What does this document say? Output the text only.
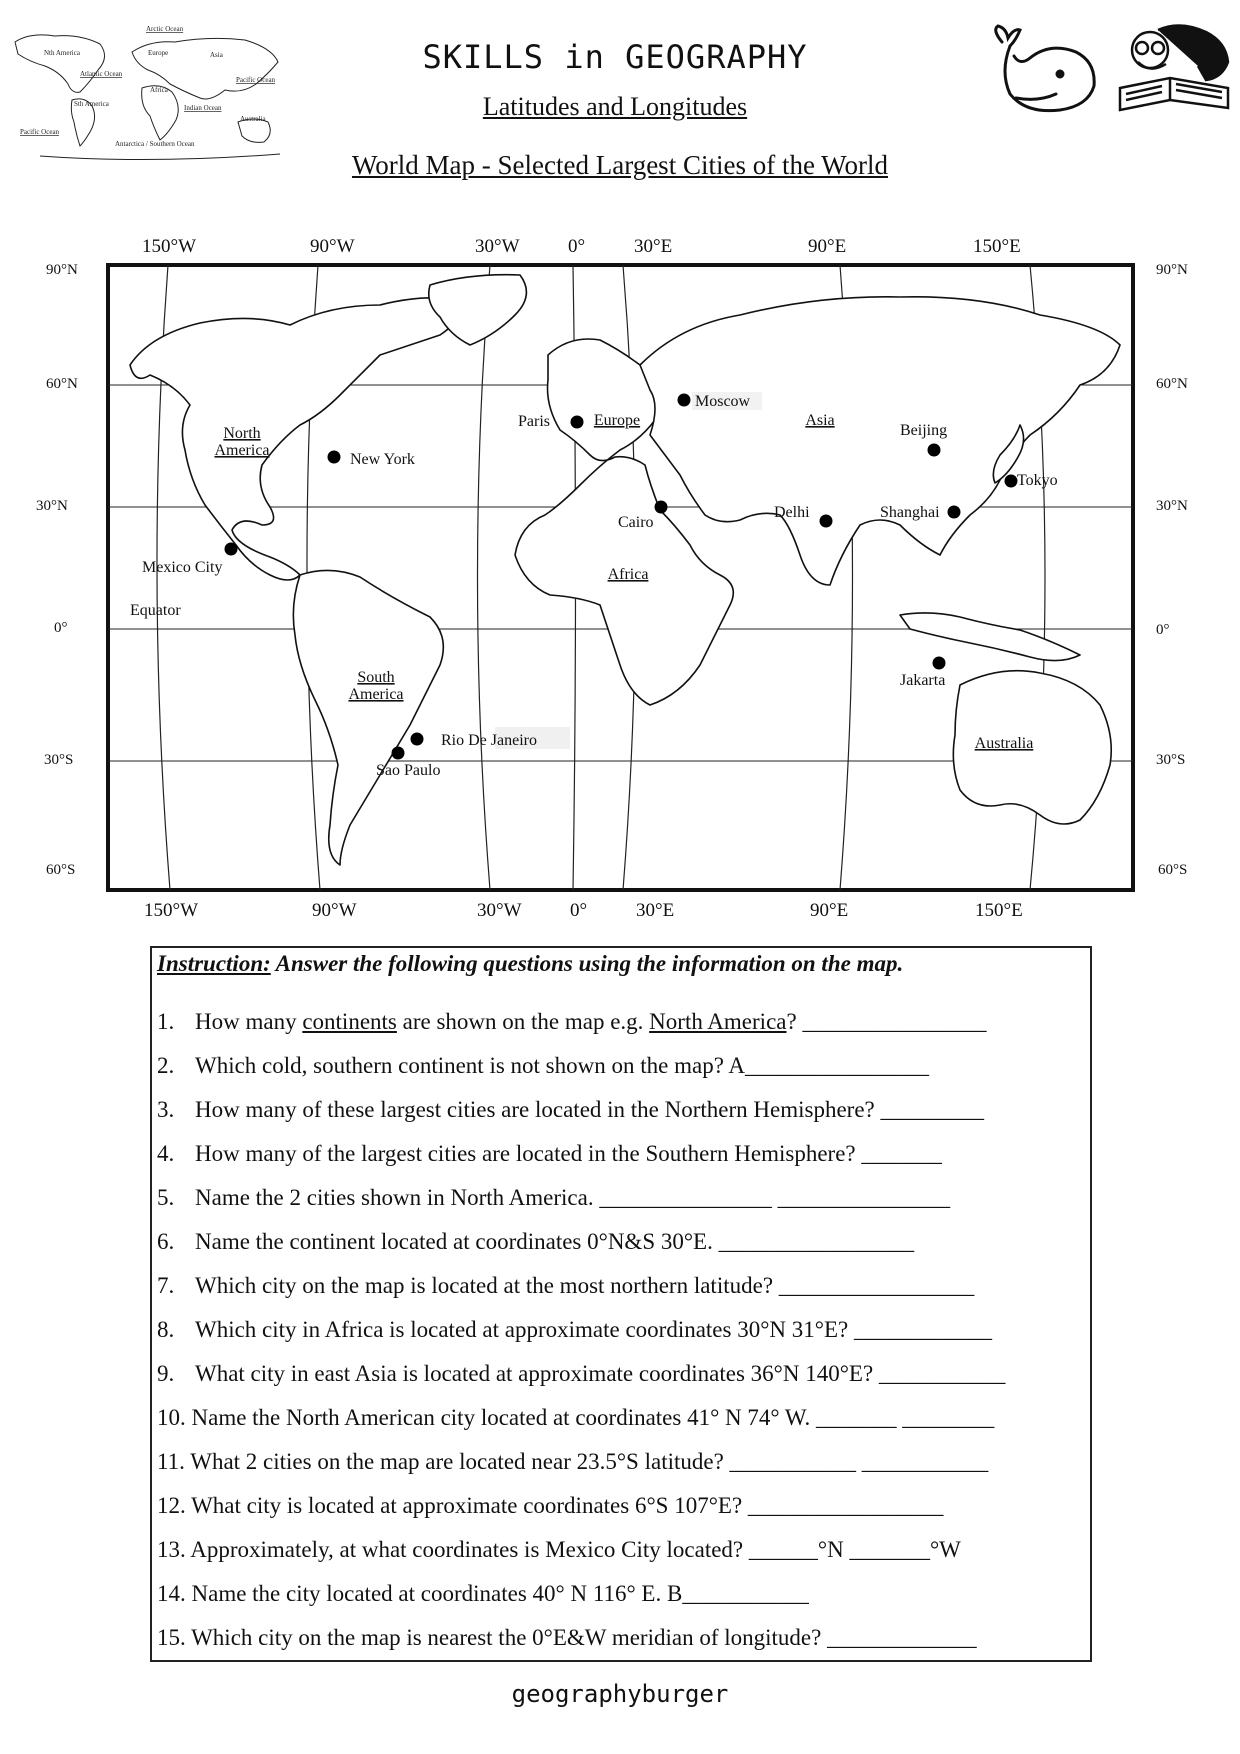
Arctic Ocean
Nth America	Europe	Asia
Atlantic Ocean
Africa
Pacific Ocean
Sth America	Indian Ocean
Australia
Pacific Ocean
Antarctica / Southern Ocean
SKILLS in GEOGRAPHY
Latitudes and Longitudes
World Map - Selected Largest Cities of the World
North
America
South
America
Europe	Asia
Africa
Australia
Moscow
Paris
Beijing
New York
Tokyo
Delhi	Shanghai
Cairo
Mexico City
Jakarta
Rio De Janeiro
Sao Paulo
Equator
150°W	90°W	30°W	0°	30°E	90°E	150°E
150°W	90°W	30°W	0°	30°E	90°E	150°E
90°N
60°N
30°N
0°
30°S
60°S
90°N
60°N
30°N
0°
30°S
60°S
Instruction: Answer the following questions using the information on the map.
1. How many continents are shown on the map e.g. North America? ________________
2. Which cold, southern continent is not shown on the map? A________________
3. How many of these largest cities are located in the Northern Hemisphere? _________
4. How many of the largest cities are located in the Southern Hemisphere? _______
5. Name the 2 cities shown in North America. _______________ _______________
6. Name the continent located at coordinates 0°N&S 30°E. _________________
7. Which city on the map is located at the most northern latitude? _________________
8. Which city in Africa is located at approximate coordinates 30°N 31°E? ____________
9. What city in east Asia is located at approximate coordinates 36°N 140°E? ___________
10. Name the North American city located at coordinates 41° N 74° W. _______ ________
11. What 2 cities on the map are located near 23.5°S latitude? ___________ ___________
12. What city is located at approximate coordinates 6°S 107°E? _________________
13. Approximately, at what coordinates is Mexico City located? ______°N _______°W
14. Name the city located at coordinates 40° N 116° E. B___________
15. Which city on the map is nearest the 0°E&W meridian of longitude? _____________
geographyburger
